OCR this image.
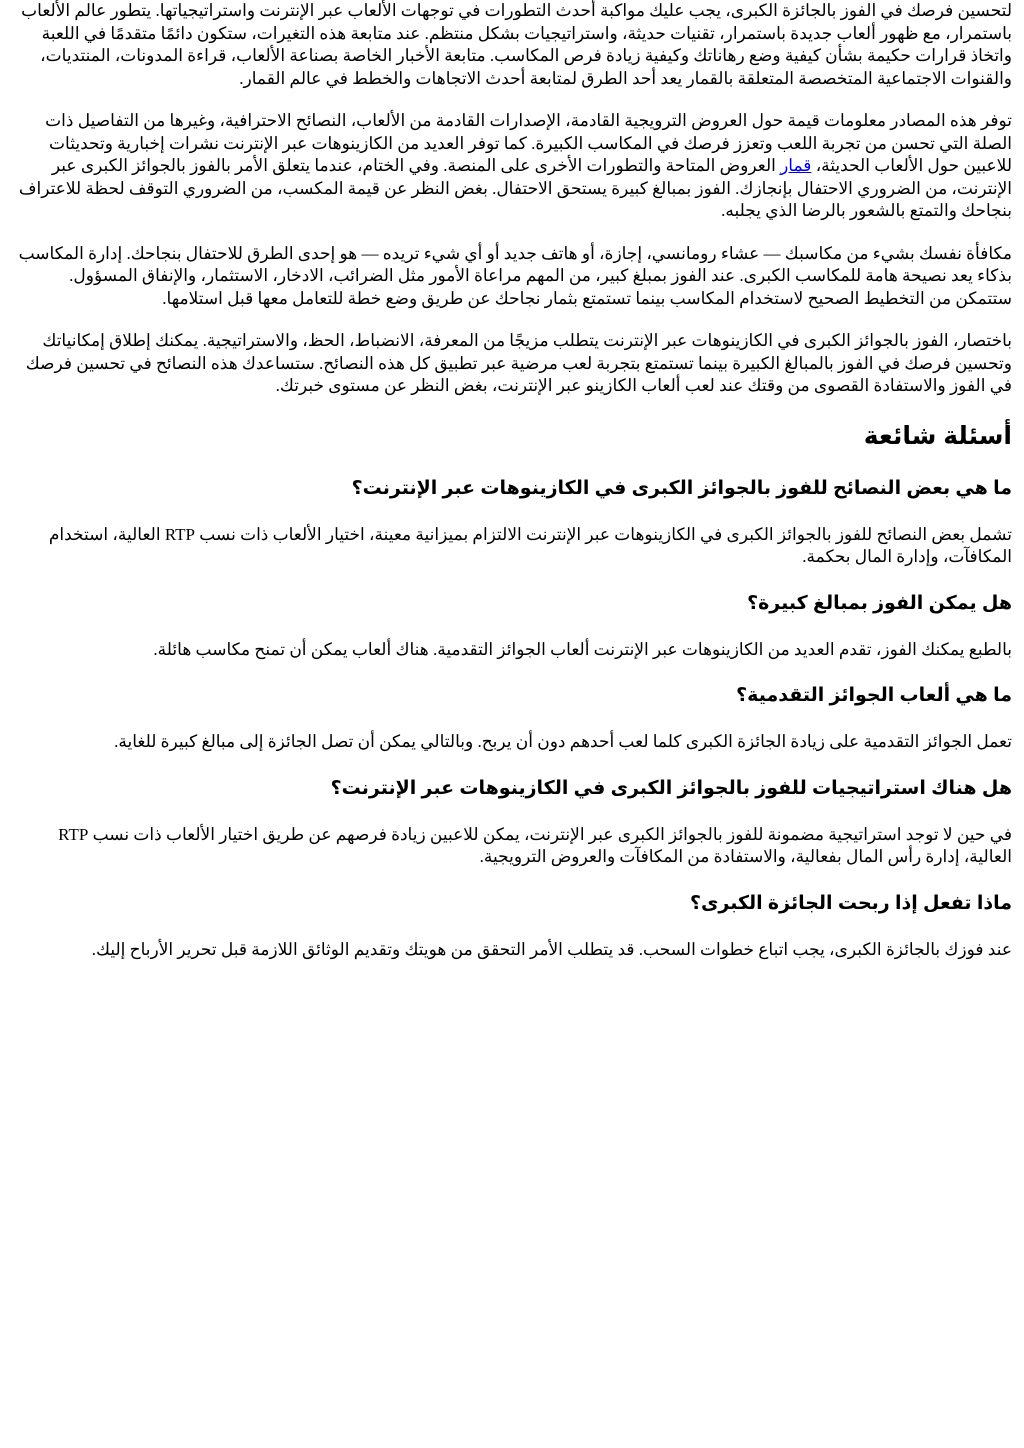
لتحسين فرصك في الفوز بالجائزة الكبرى، يجب عليك مواكبة أحدث التطورات في توجهات الألعاب عبر الإنترنت واستراتيجياتها. يتطور عالم الألعاب باستمرار، مع ظهور ألعاب جديدة باستمرار، تقنيات حديثة، واستراتيجيات بشكل منتظم. عند متابعة هذه التغيرات، ستكون دائمًا متقدمًا في اللعبة واتخاذ قرارات حكيمة بشأن كيفية وضع رهاناتك وكيفية زيادة فرص المكاسب. متابعة الأخبار الخاصة بصناعة الألعاب، قراءة المدونات، المنتديات، والقنوات الاجتماعية المتخصصة المتعلقة بالقمار يعد أحد الطرق لمتابعة أحدث الاتجاهات والخطط في عالم القمار.

توفر هذه المصادر معلومات قيمة حول العروض الترويجية القادمة، الإصدارات القادمة من الألعاب، النصائح الاحترافية، وغيرها من التفاصيل ذات الصلة التي تحسن من تجربة اللعب وتعزز فرصك في المكاسب الكبيرة. كما توفر العديد من الكازينوهات عبر الإنترنت نشرات إخبارية وتحديثات للاعبين حول الألعاب الحديثة، قمار العروض المتاحة والتطورات الأخرى على المنصة. وفي الختام، عندما يتعلق الأمر بالفوز بالجوائز الكبرى عبر الإنترنت، من الضروري الاحتفال بإنجازك. الفوز بمبالغ كبيرة يستحق الاحتفال. بغض النظر عن قيمة المكسب، من الضروري التوقف لحظة للاعتراف بنجاحك والتمتع بالشعور بالرضا الذي يجلبه.

مكافأة نفسك بشيء من مكاسبك — عشاء رومانسي، إجازة، أو هاتف جديد أو أي شيء تريده — هو إحدى الطرق للاحتفال بنجاحك. إدارة المكاسب بذكاء يعد نصيحة هامة للمكاسب الكبرى. عند الفوز بمبلغ كبير، من المهم مراعاة الأمور مثل الضرائب، الادخار، الاستثمار، والإنفاق المسؤول. ستتمكن من التخطيط الصحيح لاستخدام المكاسب بينما تستمتع بثمار نجاحك عن طريق وضع خطة للتعامل معها قبل استلامها.

باختصار، الفوز بالجوائز الكبرى في الكازينوهات عبر الإنترنت يتطلب مزيجًا من المعرفة، الانضباط، الحظ، والاستراتيجية. يمكنك إطلاق إمكانياتك وتحسين فرصك في الفوز بالمبالغ الكبيرة بينما تستمتع بتجربة لعب مرضية عبر تطبيق كل هذه النصائح. ستساعدك هذه النصائح في تحسين فرصك في الفوز والاستفادة القصوى من وقتك عند لعب ألعاب الكازينو عبر الإنترنت، بغض النظر عن مستوى خبرتك.

أسئلة شائعة
ما هي بعض النصائح للفوز بالجوائز الكبرى في الكازينوهات عبر الإنترنت؟

تشمل بعض النصائح للفوز بالجوائز الكبرى في الكازينوهات عبر الإنترنت الالتزام بميزانية معينة، اختيار الألعاب ذات نسب RTP العالية، استخدام المكافآت، وإدارة المال بحكمة.

هل يمكن الفوز بمبالغ كبيرة؟

بالطبع يمكنك الفوز، تقدم العديد من الكازينوهات عبر الإنترنت ألعاب الجوائز التقدمية. هناك ألعاب يمكن أن تمنح مكاسب هائلة.

ما هي ألعاب الجوائز التقدمية؟

تعمل الجوائز التقدمية على زيادة الجائزة الكبرى كلما لعب أحدهم دون أن يربح. وبالتالي يمكن أن تصل الجائزة إلى مبالغ كبيرة للغاية.

هل هناك استراتيجيات للفوز بالجوائز الكبرى في الكازينوهات عبر الإنترنت؟

في حين لا توجد استراتيجية مضمونة للفوز بالجوائز الكبرى عبر الإنترنت، يمكن للاعبين زيادة فرصهم عن طريق اختيار الألعاب ذات نسب RTP العالية، إدارة رأس المال بفعالية، والاستفادة من المكافآت والعروض الترويجية.

ماذا تفعل إذا ربحت الجائزة الكبرى؟

عند فوزك بالجائزة الكبرى، يجب اتباع خطوات السحب. قد يتطلب الأمر التحقق من هويتك وتقديم الوثائق اللازمة قبل تحرير الأرباح إليك.
